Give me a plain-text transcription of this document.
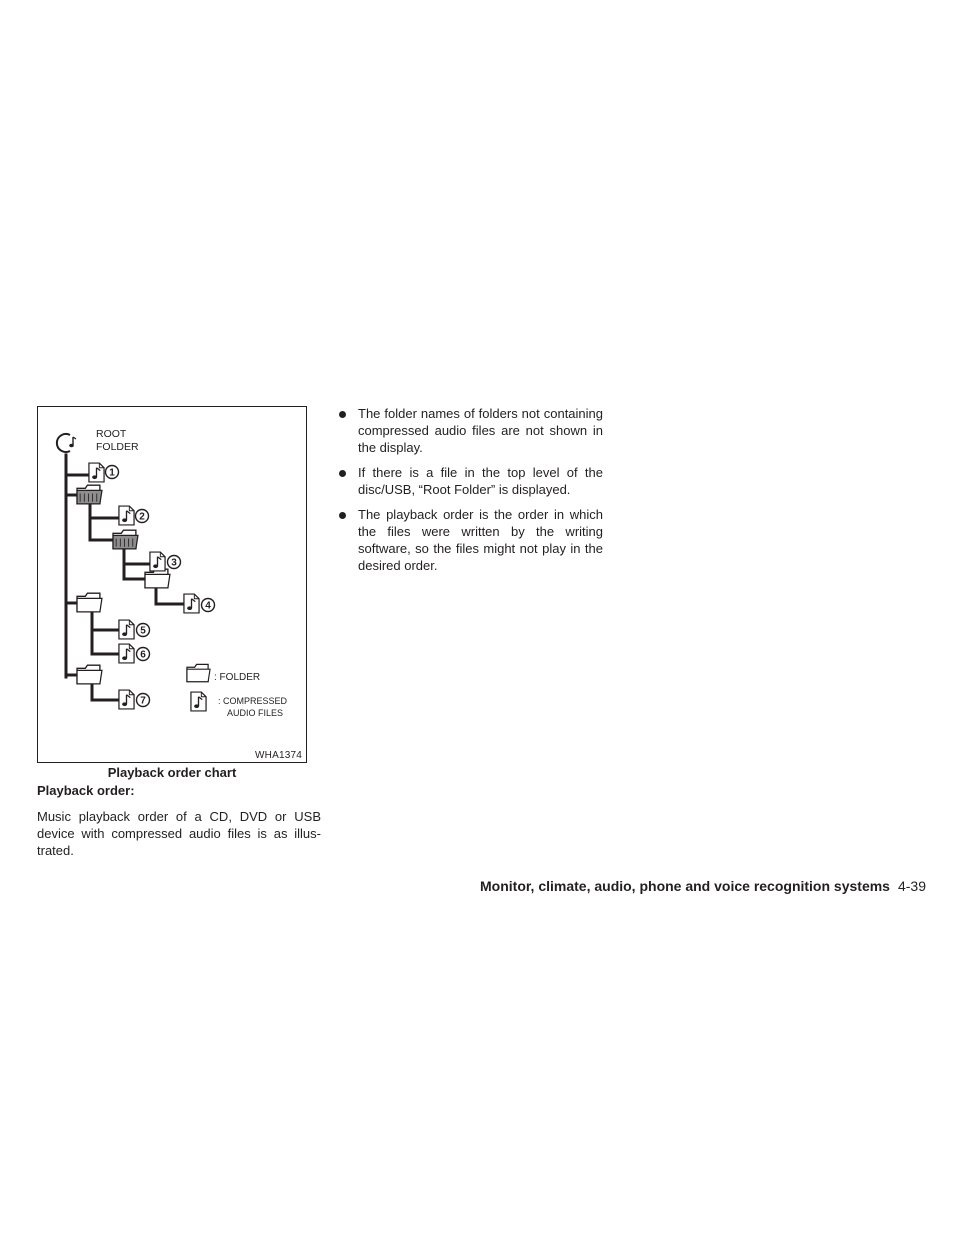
ROOT
FOLDER
1
2
3
4
5
6
7
: FOLDER
: COMPRESSED
AUDIO FILES
WHA1374
Playback order chart
Playback order:
Music playback order of a CD, DVD or USB device with compressed audio files is as illus-trated.
The folder names of folders not containing compressed audio files are not shown in the display.
If there is a file in the top level of the disc/USB, “Root Folder” is displayed.
The playback order is the order in which the files were written by the writing software, so the files might not play in the desired order.
Monitor, climate, audio, phone and voice recognition systems 4-39
